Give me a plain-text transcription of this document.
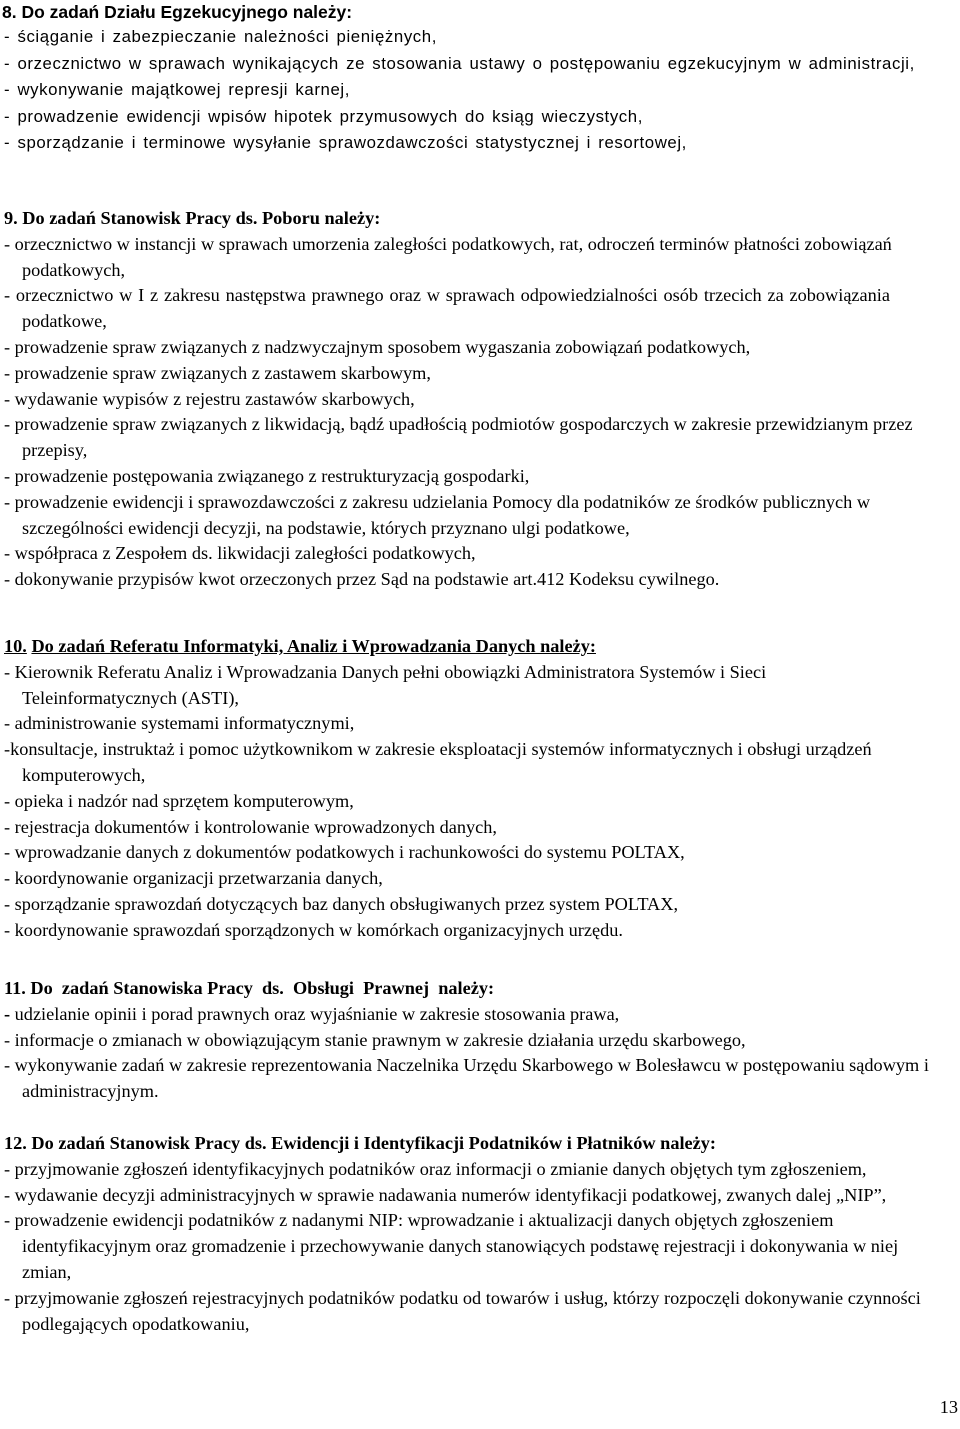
8. Do zadań Działu Egzekucyjnego należy:

- ściąganie i zabezpieczanie należności pieniężnych,

- orzecznictwo w sprawach wynikających ze stosowania ustawy o postępowaniu egzekucyjnym w administracji,

- wykonywanie majątkowej represji karnej,

- prowadzenie ewidencji wpisów hipotek przymusowych do ksiąg wieczystych,

- sporządzanie i terminowe wysyłanie sprawozdawczości statystycznej i resortowej,

9. Do zadań Stanowisk Pracy ds. Poboru należy:

- orzecznictwo w instancji w sprawach umorzenia zaległości podatkowych, rat, odroczeń terminów płatności zobowiązań podatkowych,

- orzecznictwo w I z zakresu następstwa prawnego oraz w sprawach odpowiedzialności osób trzecich za zobowiązania podatkowe,

- prowadzenie spraw związanych z nadzwyczajnym sposobem wygaszania zobowiązań podatkowych,

- prowadzenie spraw związanych z zastawem skarbowym,

- wydawanie wypisów z rejestru zastawów skarbowych,

- prowadzenie spraw związanych z likwidacją, bądź upadłością podmiotów gospodarczych w zakresie przewidzianym przez przepisy,

- prowadzenie postępowania związanego z restrukturyzacją gospodarki,

- prowadzenie ewidencji i sprawozdawczości z zakresu udzielania Pomocy dla podatników ze środków publicznych w szczególności ewidencji decyzji, na podstawie, których przyznano ulgi podatkowe,

- współpraca z Zespołem ds. likwidacji zaległości podatkowych,

- dokonywanie przypisów kwot orzeczonych przez Sąd na podstawie art.412 Kodeksu cywilnego.

10. Do zadań Referatu Informatyki, Analiz i Wprowadzania Danych należy:

- Kierownik Referatu Analiz i Wprowadzania Danych pełni obowiązki Administratora Systemów i Sieci Teleinformatycznych (ASTI),

- administrowanie systemami informatycznymi,

-konsultacje, instruktaż i pomoc użytkownikom w zakresie eksploatacji systemów informatycznych i obsługi urządzeń komputerowych,

- opieka i nadzór nad sprzętem komputerowym,

- rejestracja dokumentów i kontrolowanie wprowadzonych danych,

- wprowadzanie danych z dokumentów podatkowych i rachunkowości do systemu POLTAX,

- koordynowanie organizacji przetwarzania danych,

- sporządzanie sprawozdań dotyczących baz danych obsługiwanych przez system POLTAX,

- koordynowanie sprawozdań sporządzonych w komórkach organizacyjnych urzędu.

11. Do  zadań Stanowiska Pracy  ds.  Obsługi  Prawnej  należy:

- udzielanie opinii i porad prawnych oraz wyjaśnianie w zakresie stosowania prawa,

- informacje o zmianach w obowiązującym stanie prawnym w zakresie działania urzędu skarbowego,

- wykonywanie zadań w zakresie reprezentowania Naczelnika Urzędu Skarbowego w Bolesławcu w postępowaniu sądowym i administracyjnym.

12. Do zadań Stanowisk Pracy ds. Ewidencji i Identyfikacji Podatników i Płatników należy:

- przyjmowanie zgłoszeń identyfikacyjnych podatników oraz informacji o zmianie danych objętych tym zgłoszeniem,

- wydawanie decyzji administracyjnych w sprawie nadawania numerów identyfikacji podatkowej, zwanych dalej „NIP”,

- prowadzenie ewidencji podatników z nadanymi NIP: wprowadzanie i aktualizacji danych objętych zgłoszeniem identyfikacyjnym oraz gromadzenie i przechowywanie danych stanowiących podstawę rejestracji i dokonywania w niej zmian,

- przyjmowanie zgłoszeń rejestracyjnych podatników podatku od towarów i usług, którzy rozpoczęli dokonywanie czynności podlegających opodatkowaniu,

13
